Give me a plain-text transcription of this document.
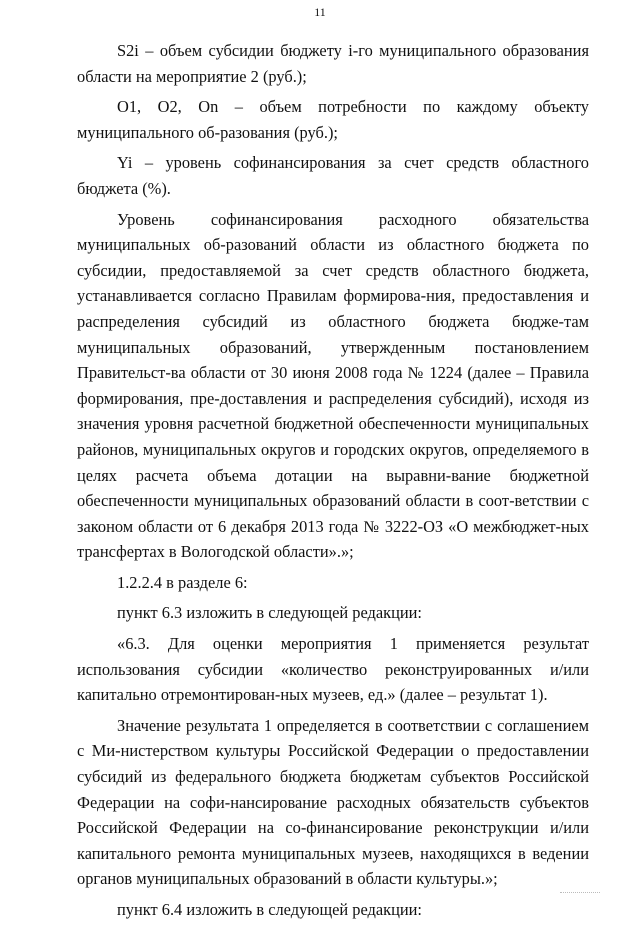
11

S2i – объем субсидии бюджету i-го муниципального образования области на мероприятие 2 (руб.);

O1, O2, On – объем потребности по каждому объекту муниципального об-разования (руб.);

Yi – уровень софинансирования за счет средств областного бюджета (%).

Уровень софинансирования расходного обязательства муниципальных об-разований области из областного бюджета по субсидии, предоставляемой за счет средств областного бюджета, устанавливается согласно Правилам формирова-ния, предоставления и распределения субсидий из областного бюджета бюдже-там муниципальных образований, утвержденным постановлением Правительст-ва области от 30 июня 2008 года № 1224 (далее – Правила формирования, пре-доставления и распределения субсидий), исходя из значения уровня расчетной бюджетной обеспеченности муниципальных районов, муниципальных округов и городских округов, определяемого в целях расчета объема дотации на выравни-вание бюджетной обеспеченности муниципальных образований области в соот-ветствии с законом области от 6 декабря 2013 года № 3222-ОЗ «О межбюджет-ных трансфертах в Вологодской области».»;

1.2.2.4 в разделе 6:

пункт 6.3 изложить в следующей редакции:

«6.3. Для оценки мероприятия 1 применяется результат использования субсидии «количество реконструированных и/или капитально отремонтирован-ных музеев, ед.» (далее – результат 1).

Значение результата 1 определяется в соответствии с соглашением с Ми-нистерством культуры Российской Федерации о предоставлении субсидий из федерального бюджета бюджетам субъектов Российской Федерации на софи-нансирование расходных обязательств субъектов Российской Федерации на со-финансирование реконструкции и/или капитального ремонта муниципальных музеев, находящихся в ведении органов муниципальных образований в области культуры.»;

пункт 6.4 изложить в следующей редакции:
